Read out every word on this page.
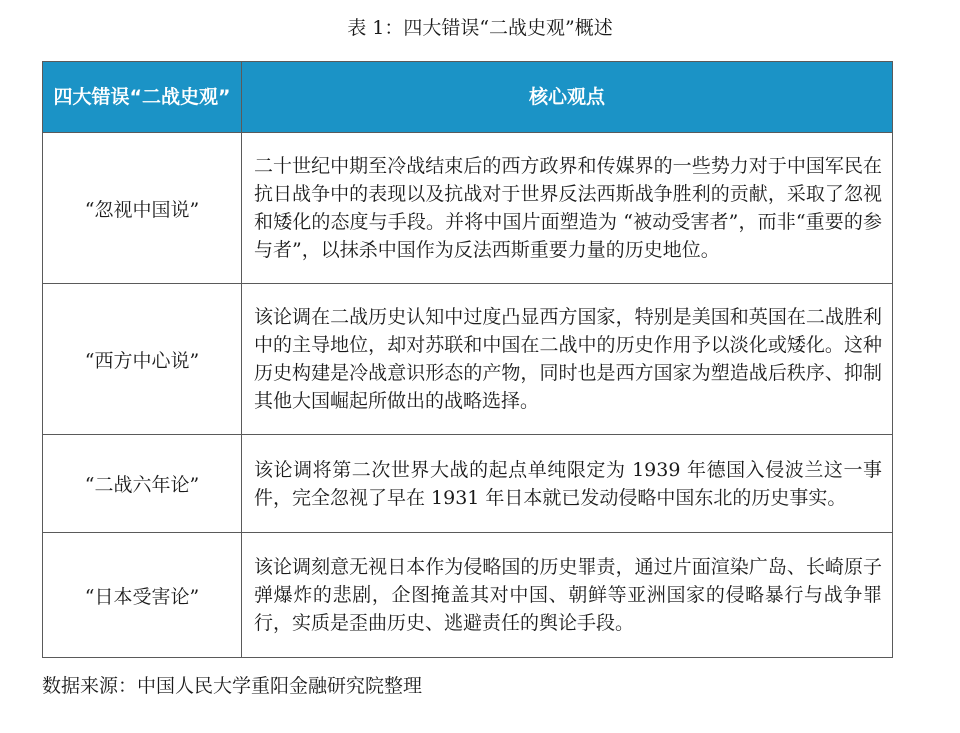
表 1：四大错误“二战史观”概述
四大错误“二战史观”	核心观点
“忽视中国说”	二十世纪中期至冷战结束后的西方政界和传媒界的一些势力对于中国军民在抗日战争中的表现以及抗战对于世界反法西斯战争胜利的贡献，采取了忽视和矮化的态度与手段。并将中国片面塑造为 “被动受害者”，而非“重要的参与者”，以抹杀中国作为反法西斯重要力量的历史地位。
“西方中心说”	该论调在二战历史认知中过度凸显西方国家，特别是美国和英国在二战胜利中的主导地位，却对苏联和中国在二战中的历史作用予以淡化或矮化。这种历史构建是冷战意识形态的产物，同时也是西方国家为塑造战后秩序、抑制其他大国崛起所做出的战略选择。
“二战六年论”	该论调将第二次世界大战的起点单纯限定为 1939 年德国入侵波兰这一事件，完全忽视了早在 1931 年日本就已发动侵略中国东北的历史事实。
“日本受害论”	该论调刻意无视日本作为侵略国的历史罪责，通过片面渲染广岛、长崎原子弹爆炸的悲剧，企图掩盖其对中国、朝鲜等亚洲国家的侵略暴行与战争罪行，实质是歪曲历史、逃避责任的舆论手段。
数据来源：中国人民大学重阳金融研究院整理
